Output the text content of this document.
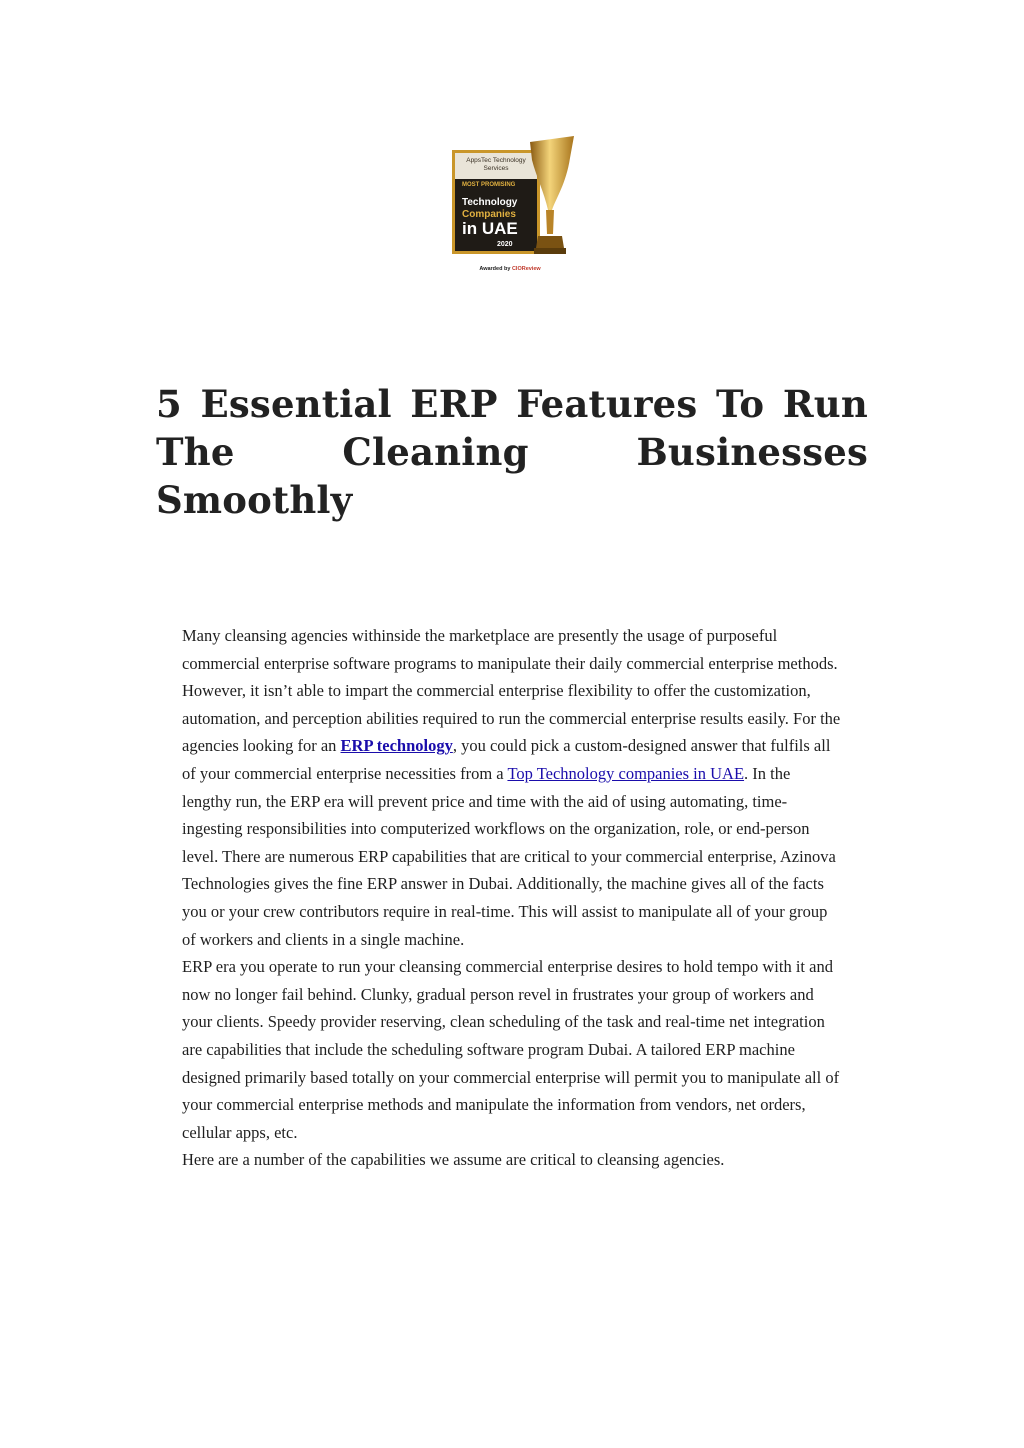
AppsTec Technology Services
MOST PROMISING
Technology
Companies
in UAE
2020
Awarded by CIOReview
5 Essential ERP Features To Run The Cleaning Businesses Smoothly

Many cleansing agencies withinside the marketplace are presently the usage of purposeful commercial enterprise software programs to manipulate their daily commercial enterprise methods. However, it isn’t able to impart the commercial enterprise flexibility to offer the customization, automation, and perception abilities required to run the commercial enterprise results easily. For the agencies looking for an ERP technology, you could pick a custom-designed answer that fulfils all of your commercial enterprise necessities from a Top Technology companies in UAE. In the lengthy run, the ERP era will prevent price and time with the aid of using automating, time-ingesting responsibilities into computerized workflows on the organization, role, or end-person level. There are numerous ERP capabilities that are critical to your commercial enterprise, Azinova Technologies gives the fine ERP answer in Dubai. Additionally, the machine gives all of the facts you or your crew contributors require in real-time. This will assist to manipulate all of your group of workers and clients in a single machine.

ERP era you operate to run your cleansing commercial enterprise desires to hold tempo with it and now no longer fail behind. Clunky, gradual person revel in frustrates your group of workers and your clients. Speedy provider reserving, clean scheduling of the task and real-time net integration are capabilities that include the scheduling software program Dubai. A tailored ERP machine designed primarily based totally on your commercial enterprise will permit you to manipulate all of your commercial enterprise methods and manipulate the information from vendors, net orders, cellular apps, etc.

Here are a number of the capabilities we assume are critical to cleansing agencies.
